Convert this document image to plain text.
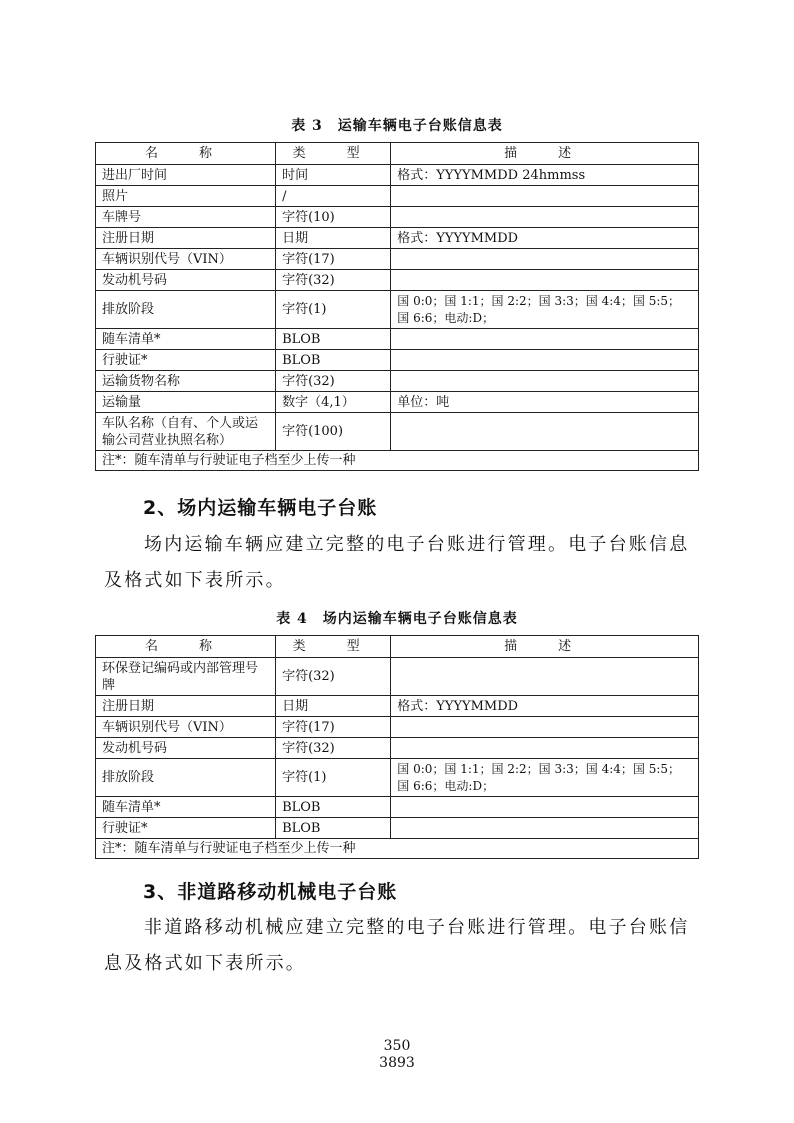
表 3　运输车辆电子台账信息表
名　称	类　型	描　述
进出厂时间	时间	格式：YYYYMMDD 24hmmss
照片	/	
车牌号	字符(10)	
注册日期	日期	格式：YYYYMMDD
车辆识别代号（VIN）	字符(17)	
发动机号码	字符(32)	
排放阶段	字符(1)	国 0:0；国 1:1；国 2:2；国 3:3；国 4:4；国 5:5；国 6:6；电动:D；
随车清单*	BLOB	
行驶证*	BLOB	
运输货物名称	字符(32)	
运输量	数字（4,1）	单位：吨
车队名称（自有、个人或运输公司营业执照名称）	字符(100)	
注*：随车清单与行驶证电子档至少上传一种		
2、场内运输车辆电子台账

场内运输车辆应建立完整的电子台账进行管理。电子台账信息及格式如下表所示。

表 4　场内运输车辆电子台账信息表
名　称	类　型	描　述
环保登记编码或内部管理号牌	字符(32)	
注册日期	日期	格式：YYYYMMDD
车辆识别代号（VIN）	字符(17)	
发动机号码	字符(32)	
排放阶段	字符(1)	国 0:0；国 1:1；国 2:2；国 3:3；国 4:4；国 5:5；国 6:6；电动:D；
随车清单*	BLOB	
行驶证*	BLOB	
注*：随车清单与行驶证电子档至少上传一种		
3、非道路移动机械电子台账

非道路移动机械应建立完整的电子台账进行管理。电子台账信息及格式如下表所示。

350
3893
